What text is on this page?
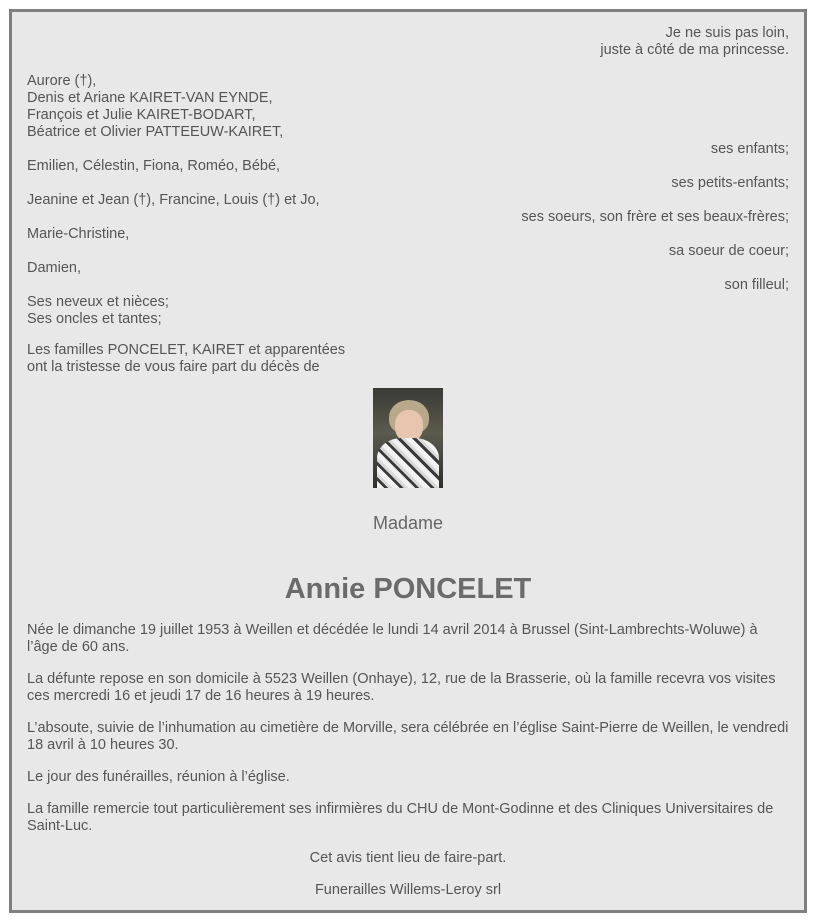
Je ne suis pas loin,
juste à côté de ma princesse.
Aurore (†),
Denis et Ariane KAIRET-VAN EYNDE,
François et Julie KAIRET-BODART,
Béatrice et Olivier PATTEEUW-KAIRET,
ses enfants;
Emilien, Célestin, Fiona, Roméo, Bébé,
ses petits-enfants;
Jeanine et Jean (†), Francine, Louis (†) et Jo,
ses soeurs, son frère et ses beaux-frères;
Marie-Christine,
sa soeur de coeur;
Damien,
son filleul;
Ses neveux et nièces;
Ses oncles et tantes;
Les familles PONCELET, KAIRET et apparentées
ont la tristesse de vous faire part du décès de
Madame
Annie PONCELET
Née le dimanche 19 juillet 1953 à Weillen et décédée le lundi 14 avril 2014 à Brussel (Sint-Lambrechts-Woluwe) à l’âge de 60 ans.
La défunte repose en son domicile à 5523 Weillen (Onhaye), 12, rue de la Brasserie, où la famille recevra vos visites ces mercredi 16 et jeudi 17 de 16 heures à 19 heures.
L’absoute, suivie de l’inhumation au cimetière de Morville, sera célébrée en l’église Saint-Pierre de Weillen, le vendredi 18 avril à 10 heures 30.
Le jour des funérailles, réunion à l’église.
La famille remercie tout particulièrement ses infirmières du CHU de Mont-Godinne et des Cliniques Universitaires de Saint-Luc.
Cet avis tient lieu de faire-part.
Funerailles Willems-Leroy srl
